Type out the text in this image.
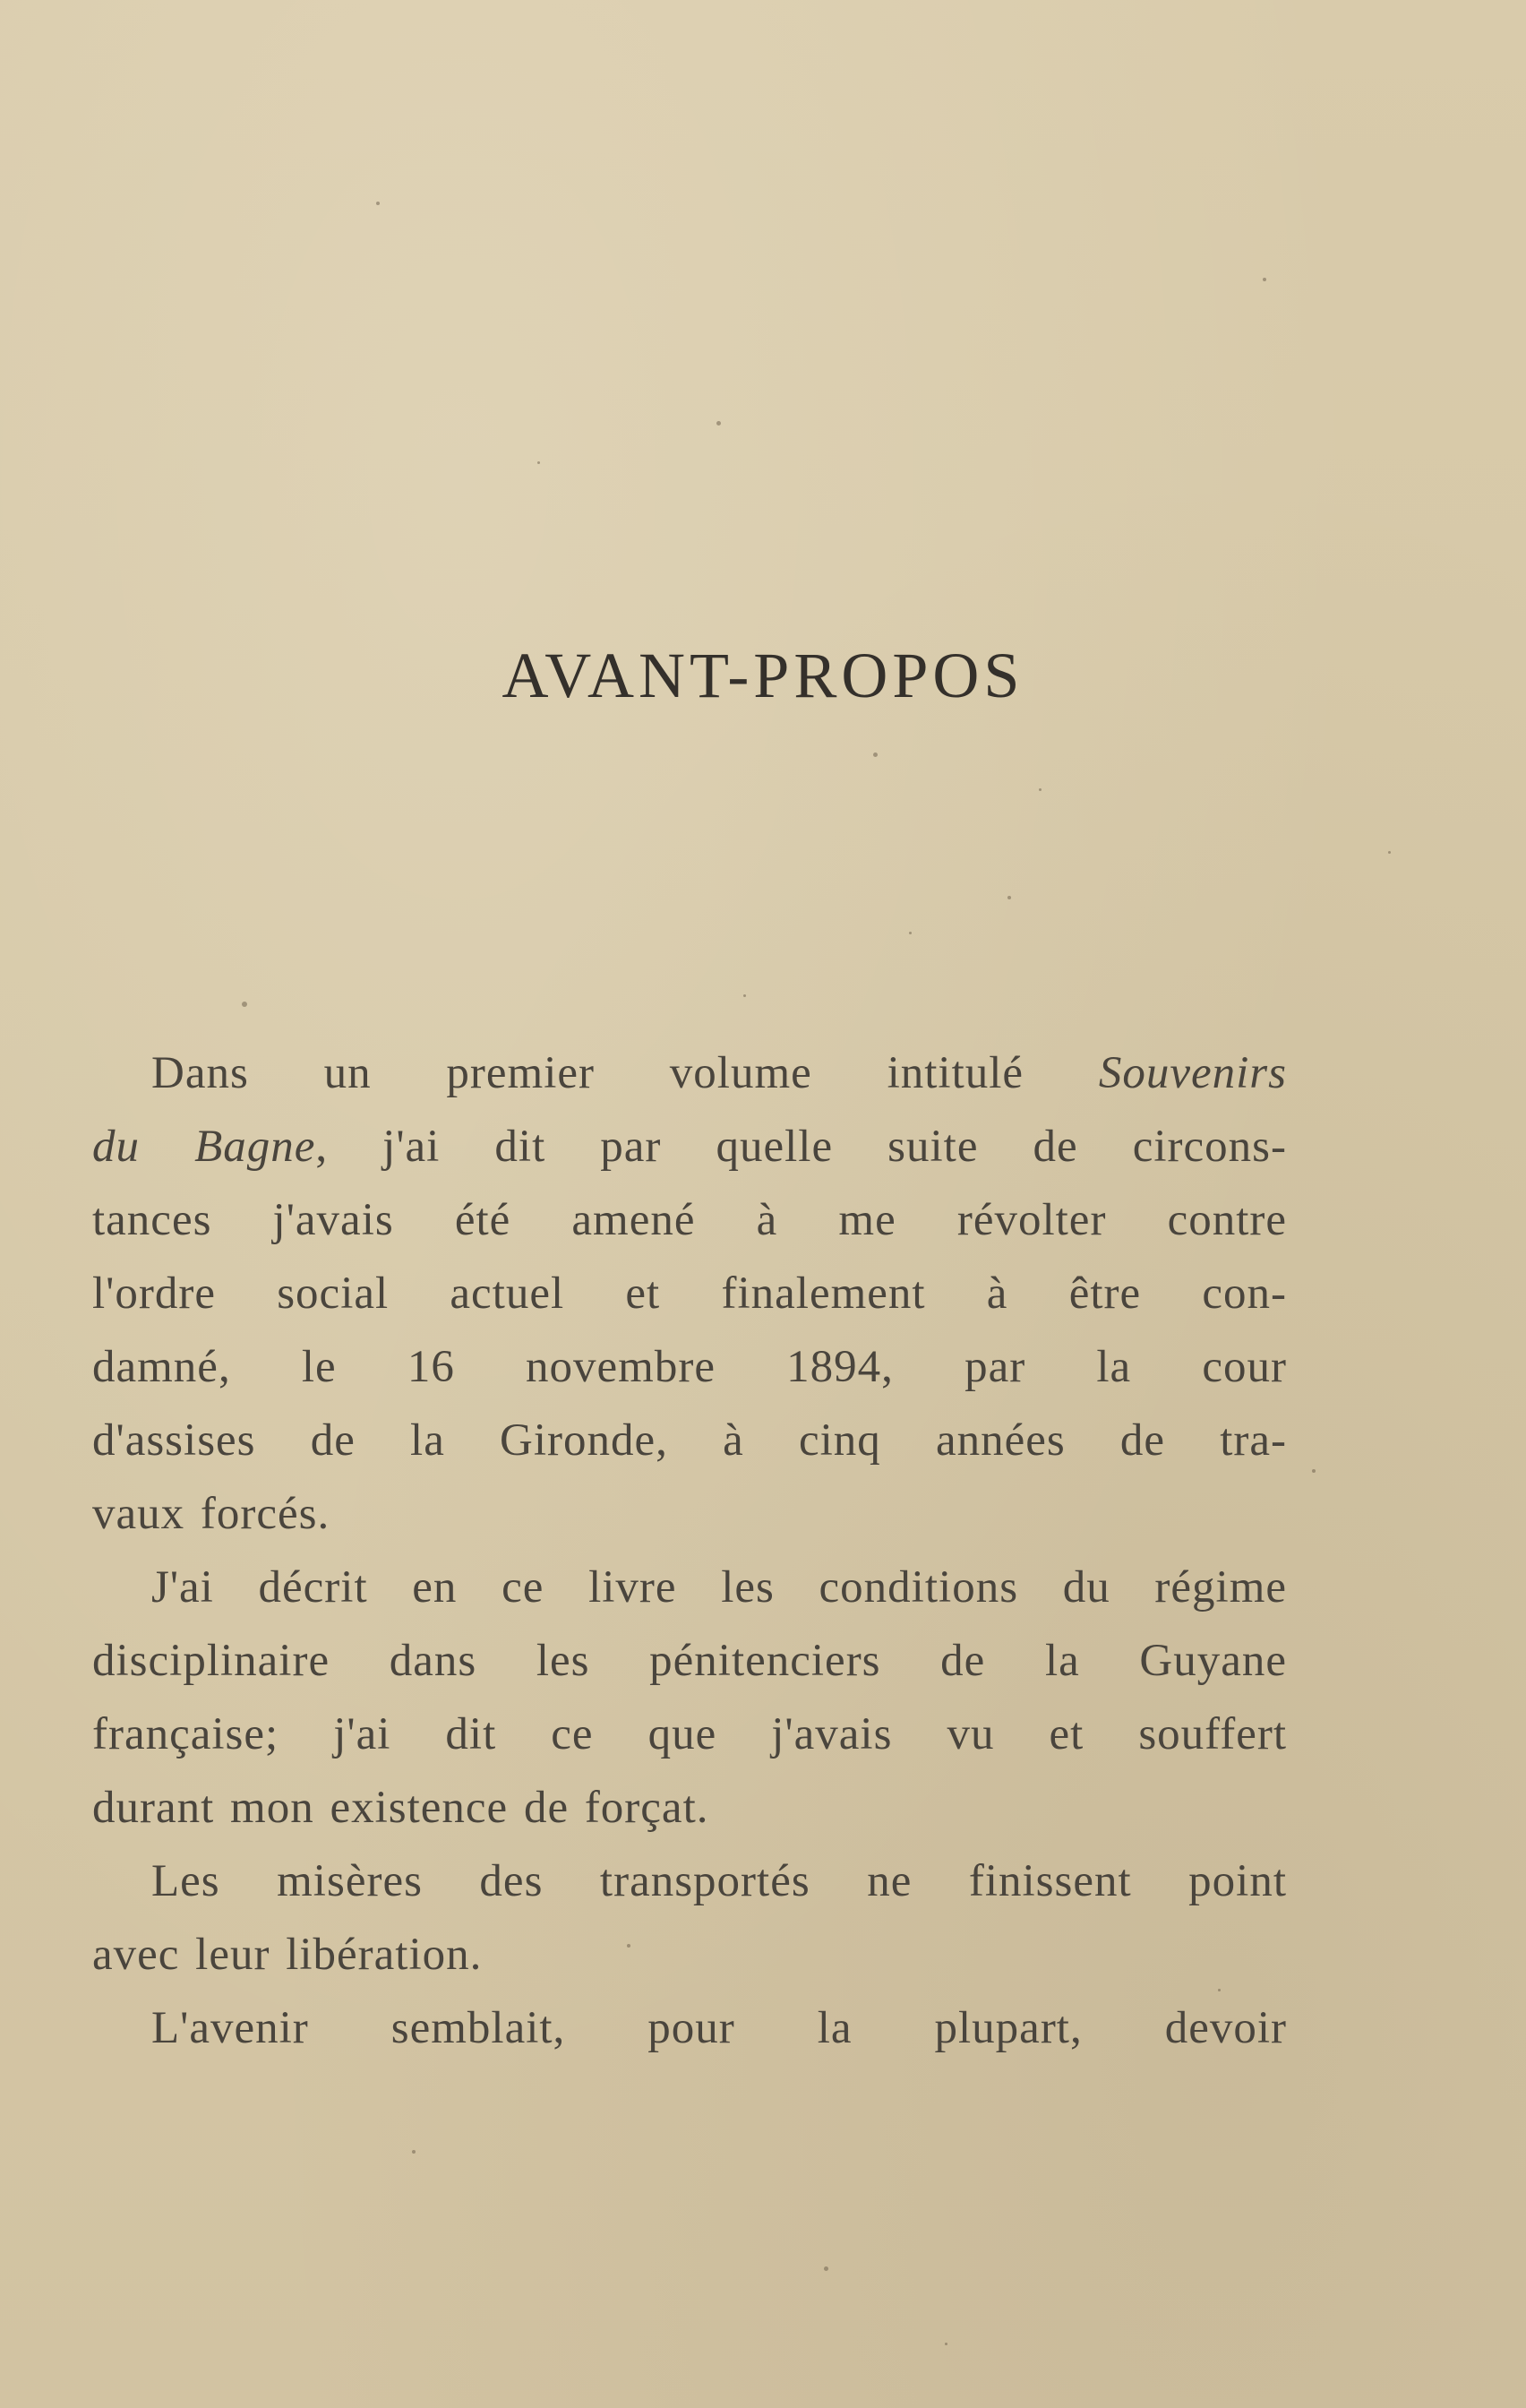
AVANT-PROPOS
Dans un premier volume intitulé Souvenirs
du Bagne, j'ai dit par quelle suite de circons-
tances j'avais été amené à me révolter contre
l'ordre social actuel et finalement à être con-
damné, le 16 novembre 1894, par la cour
d'assises de la Gironde, à cinq années de tra-
vaux forcés.
J'ai décrit en ce livre les conditions du régime
disciplinaire dans les pénitenciers de la Guyane
française; j'ai dit ce que j'avais vu et souffert
durant mon existence de forçat.
Les misères des transportés ne finissent point
avec leur libération.
L'avenir semblait, pour la plupart, devoir
